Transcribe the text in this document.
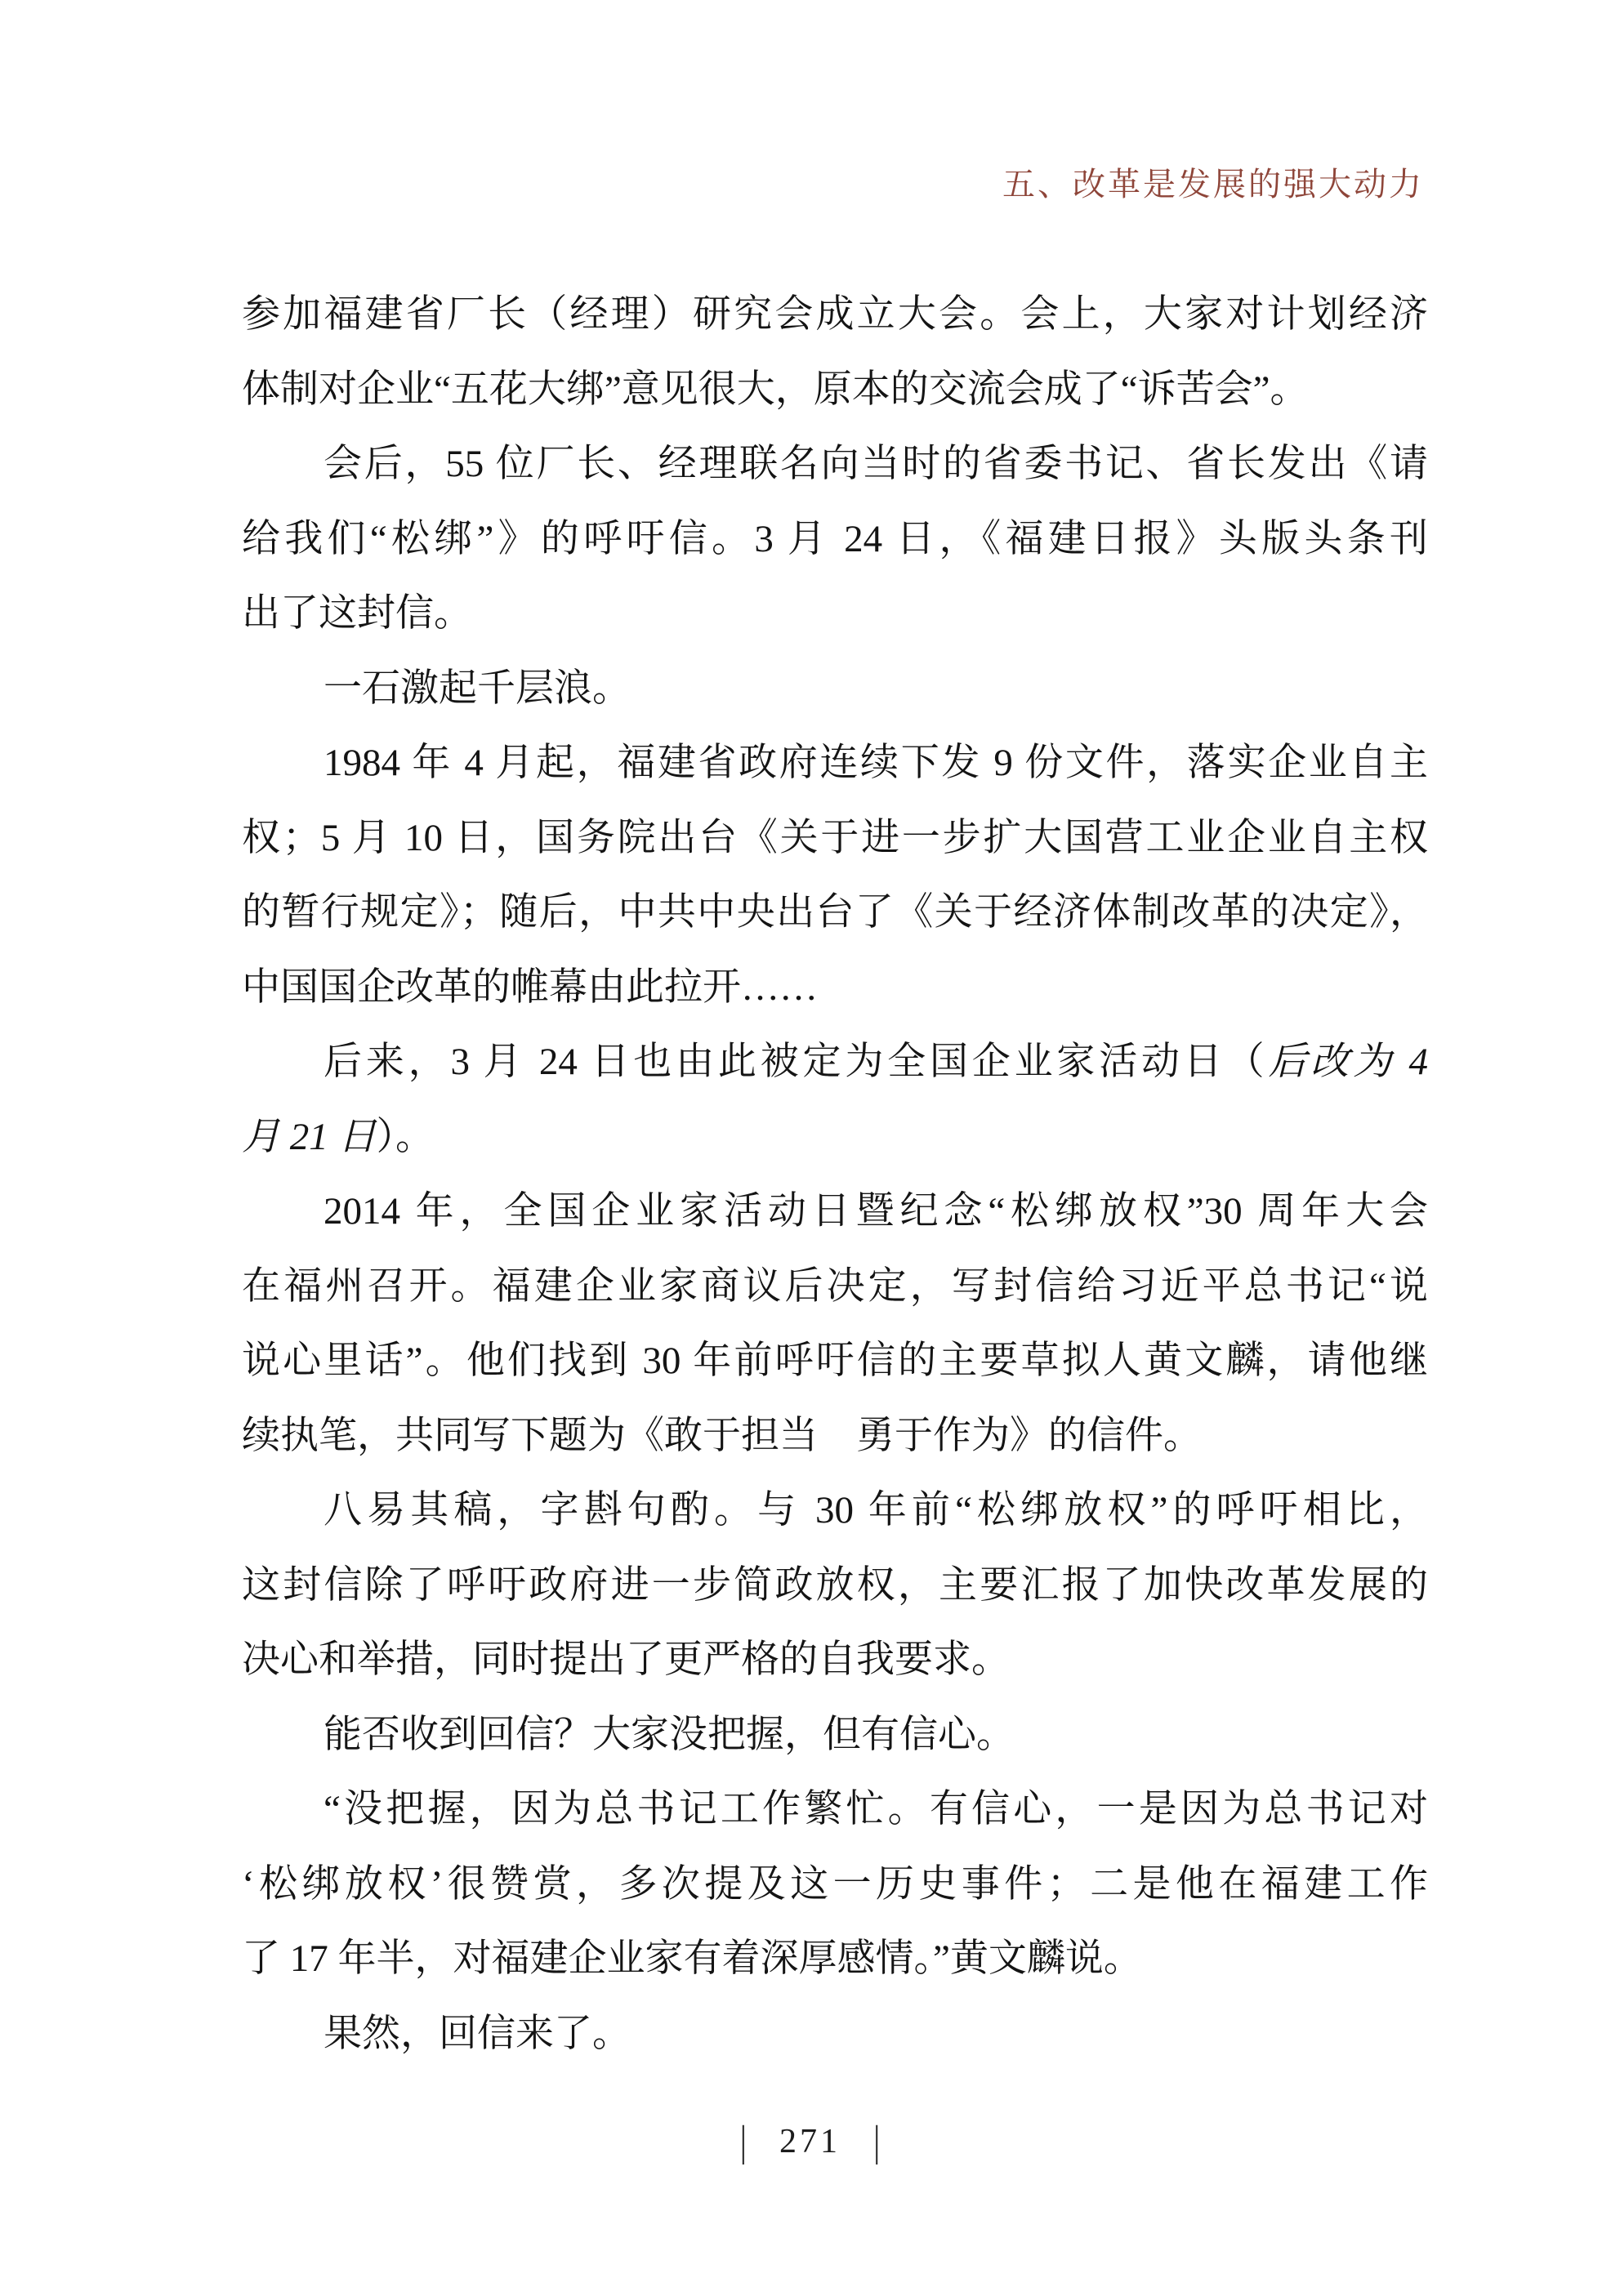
五、改革是发展的强大动力
参加福建省厂长（经理）研究会成立大会。会上，大家对计划经济
体制对企业“五花大绑”意见很大，原本的交流会成了“诉苦会”。
会后，55 位厂长、经理联名向当时的省委书记、省长发出《请
给我们“松绑”》的呼吁信。3 月 24 日，《福建日报》头版头条刊
出了这封信。
一石激起千层浪。
1984 年 4 月起，福建省政府连续下发 9 份文件，落实企业自主
权；5 月 10 日，国务院出台《关于进一步扩大国营工业企业自主权
的暂行规定》；随后，中共中央出台了《关于经济体制改革的决定》，
中国国企改革的帷幕由此拉开……
后来，3 月 24 日也由此被定为全国企业家活动日（后改为 4
月 21 日）。
2014 年，全国企业家活动日暨纪念“松绑放权”30 周年大会
在福州召开。福建企业家商议后决定，写封信给习近平总书记“说
说心里话”。他们找到 30 年前呼吁信的主要草拟人黄文麟，请他继
续执笔，共同写下题为《敢于担当　勇于作为》的信件。
八易其稿，字斟句酌。与 30 年前“松绑放权”的呼吁相比，
这封信除了呼吁政府进一步简政放权，主要汇报了加快改革发展的
决心和举措，同时提出了更严格的自我要求。
能否收到回信？大家没把握，但有信心。
“没把握，因为总书记工作繁忙。有信心，一是因为总书记对
‘松绑放权’很赞赏，多次提及这一历史事件；二是他在福建工作
了 17 年半，对福建企业家有着深厚感情。”黄文麟说。
果然，回信来了。
| 271 |
